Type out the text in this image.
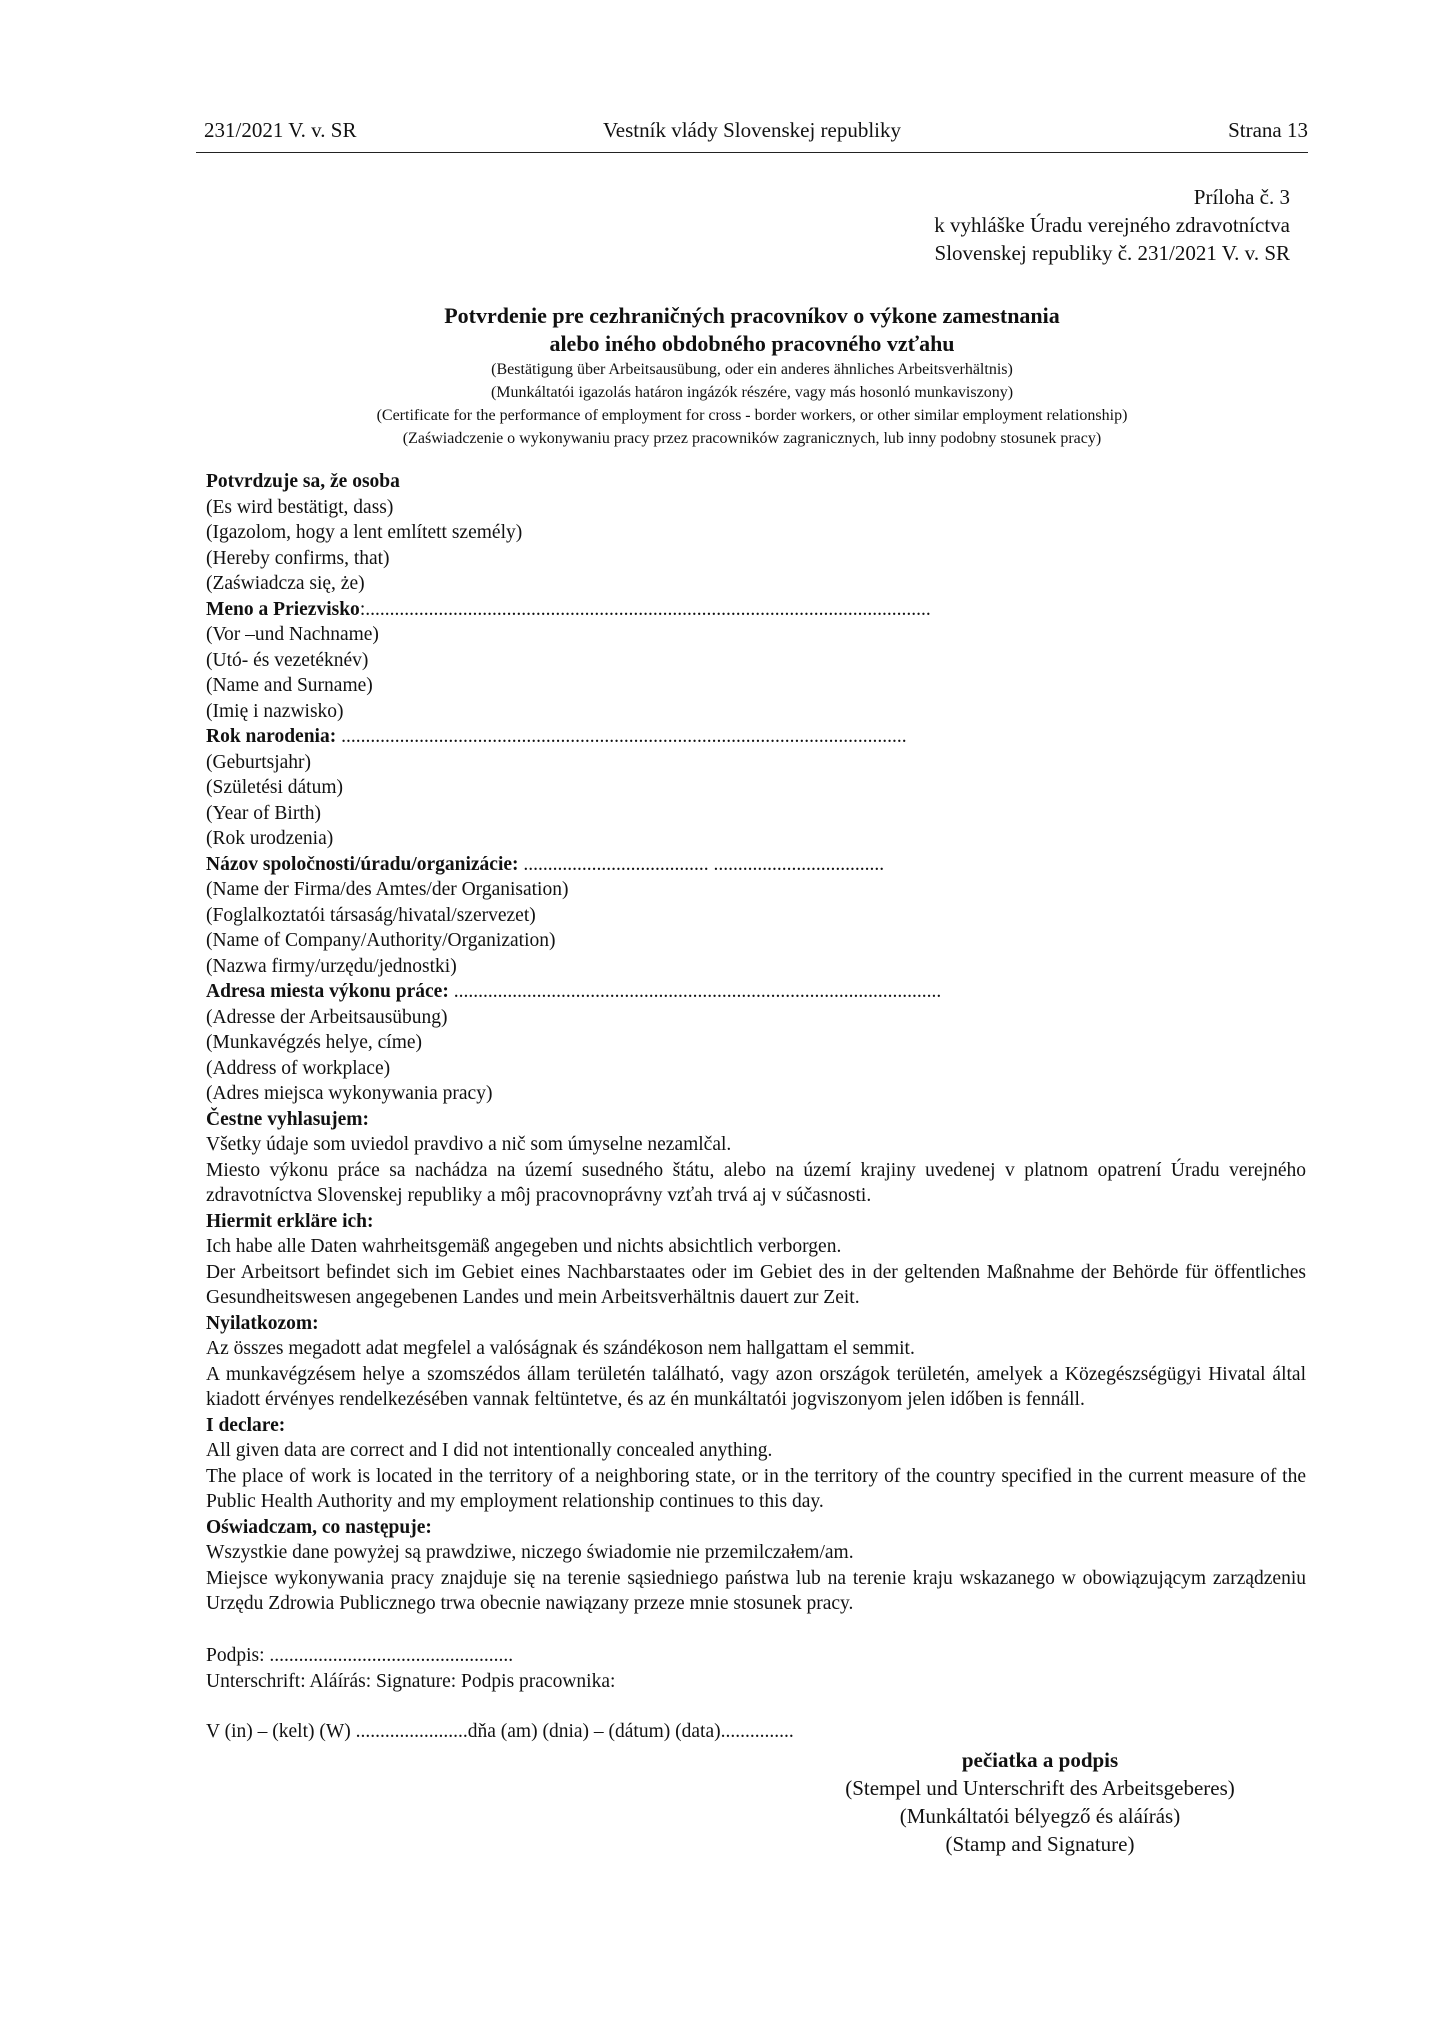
231/2021 V. v. SR	Vestník vlády Slovenskej republiky	Strana 13
Príloha č. 3
k vyhláške Úradu verejného zdravotníctva
Slovenskej republiky č. 231/2021 V. v. SR
Potvrdenie pre cezhraničných pracovníkov o výkone zamestnania
alebo iného obdobného pracovného vzťahu
(Bestätigung über Arbeitsausübung, oder ein anderes ähnliches Arbeitsverhältnis)
(Munkáltatói igazolás határon ingázók részére, vagy más hosonló munkaviszony)
(Certificate for the performance of employment for cross - border workers, or other similar employment relationship)
(Zaświadczenie o wykonywaniu pracy przez pracowników zagranicznych, lub inny podobny stosunek pracy)
Potvrdzuje sa, že osoba
(Es wird bestätigt, dass)
(Igazolom, hogy a lent említett személy)
(Hereby confirms, that)
(Zaświadcza się, że)
Meno a Priezvisko:....................................................................................................................
(Vor –und Nachname)
(Utó- és vezetéknév)
(Name and Surname)
(Imię i nazwisko)
Rok narodenia: ....................................................................................................................
(Geburtsjahr)
(Születési dátum)
(Year of Birth)
(Rok urodzenia)
Názov spoločnosti/úradu/organizácie: ...................................... ...................................
(Name der Firma/des Amtes/der Organisation)
(Foglalkoztatói társaság/hivatal/szervezet)
(Name of Company/Authority/Organization)
(Nazwa firmy/urzędu/jednostki)
Adresa miesta výkonu práce: ....................................................................................................
(Adresse der Arbeitsausübung)
(Munkavégzés helye, címe)
(Address of workplace)
(Adres miejsca wykonywania pracy)
Čestne vyhlasujem:
Všetky údaje som uviedol pravdivo a nič som úmyselne nezamlčal.
Miesto výkonu práce sa nachádza na území susedného štátu, alebo na území krajiny uvedenej v platnom opatrení Úradu verejného zdravotníctva Slovenskej republiky a môj pracovnoprávny vzťah trvá aj v súčasnosti.
Hiermit erkläre ich:
Ich habe alle Daten wahrheitsgemäß angegeben und nichts absichtlich verborgen.
Der Arbeitsort befindet sich im Gebiet eines Nachbarstaates oder im Gebiet des in der geltenden Maßnahme der Behörde für öffentliches Gesundheitswesen angegebenen Landes und mein Arbeitsverhältnis dauert zur Zeit.
Nyilatkozom:
Az összes megadott adat megfelel a valóságnak és szándékoson nem hallgattam el semmit.
A munkavégzésem helye a szomszédos állam területén található, vagy azon országok területén, amelyek a Közegészségügyi Hivatal által kiadott érvényes rendelkezésében vannak feltüntetve, és az én munkáltatói jogviszonyom jelen időben is fennáll.
I declare:
All given data are correct and I did not intentionally concealed anything.
The place of work is located in the territory of a neighboring state, or in the territory of the country specified in the current measure of the Public Health Authority and my employment relationship continues to this day.
Oświadczam, co następuje:
Wszystkie dane powyżej są prawdziwe, niczego świadomie nie przemilczałem/am.
Miejsce wykonywania pracy znajduje się na terenie sąsiedniego państwa lub na terenie kraju wskazanego w obowiązującym zarządzeniu Urzędu Zdrowia Publicznego trwa obecnie nawiązany przeze mnie stosunek pracy.
Podpis: ..................................................
Unterschrift: Aláírás: Signature: Podpis pracownika:
V (in) – (kelt) (W) .......................dňa (am) (dnia) – (dátum) (data)...............
pečiatka a podpis
(Stempel und Unterschrift des Arbeitsgeberes)
(Munkáltatói bélyegző és aláírás)
(Stamp and Signature)
